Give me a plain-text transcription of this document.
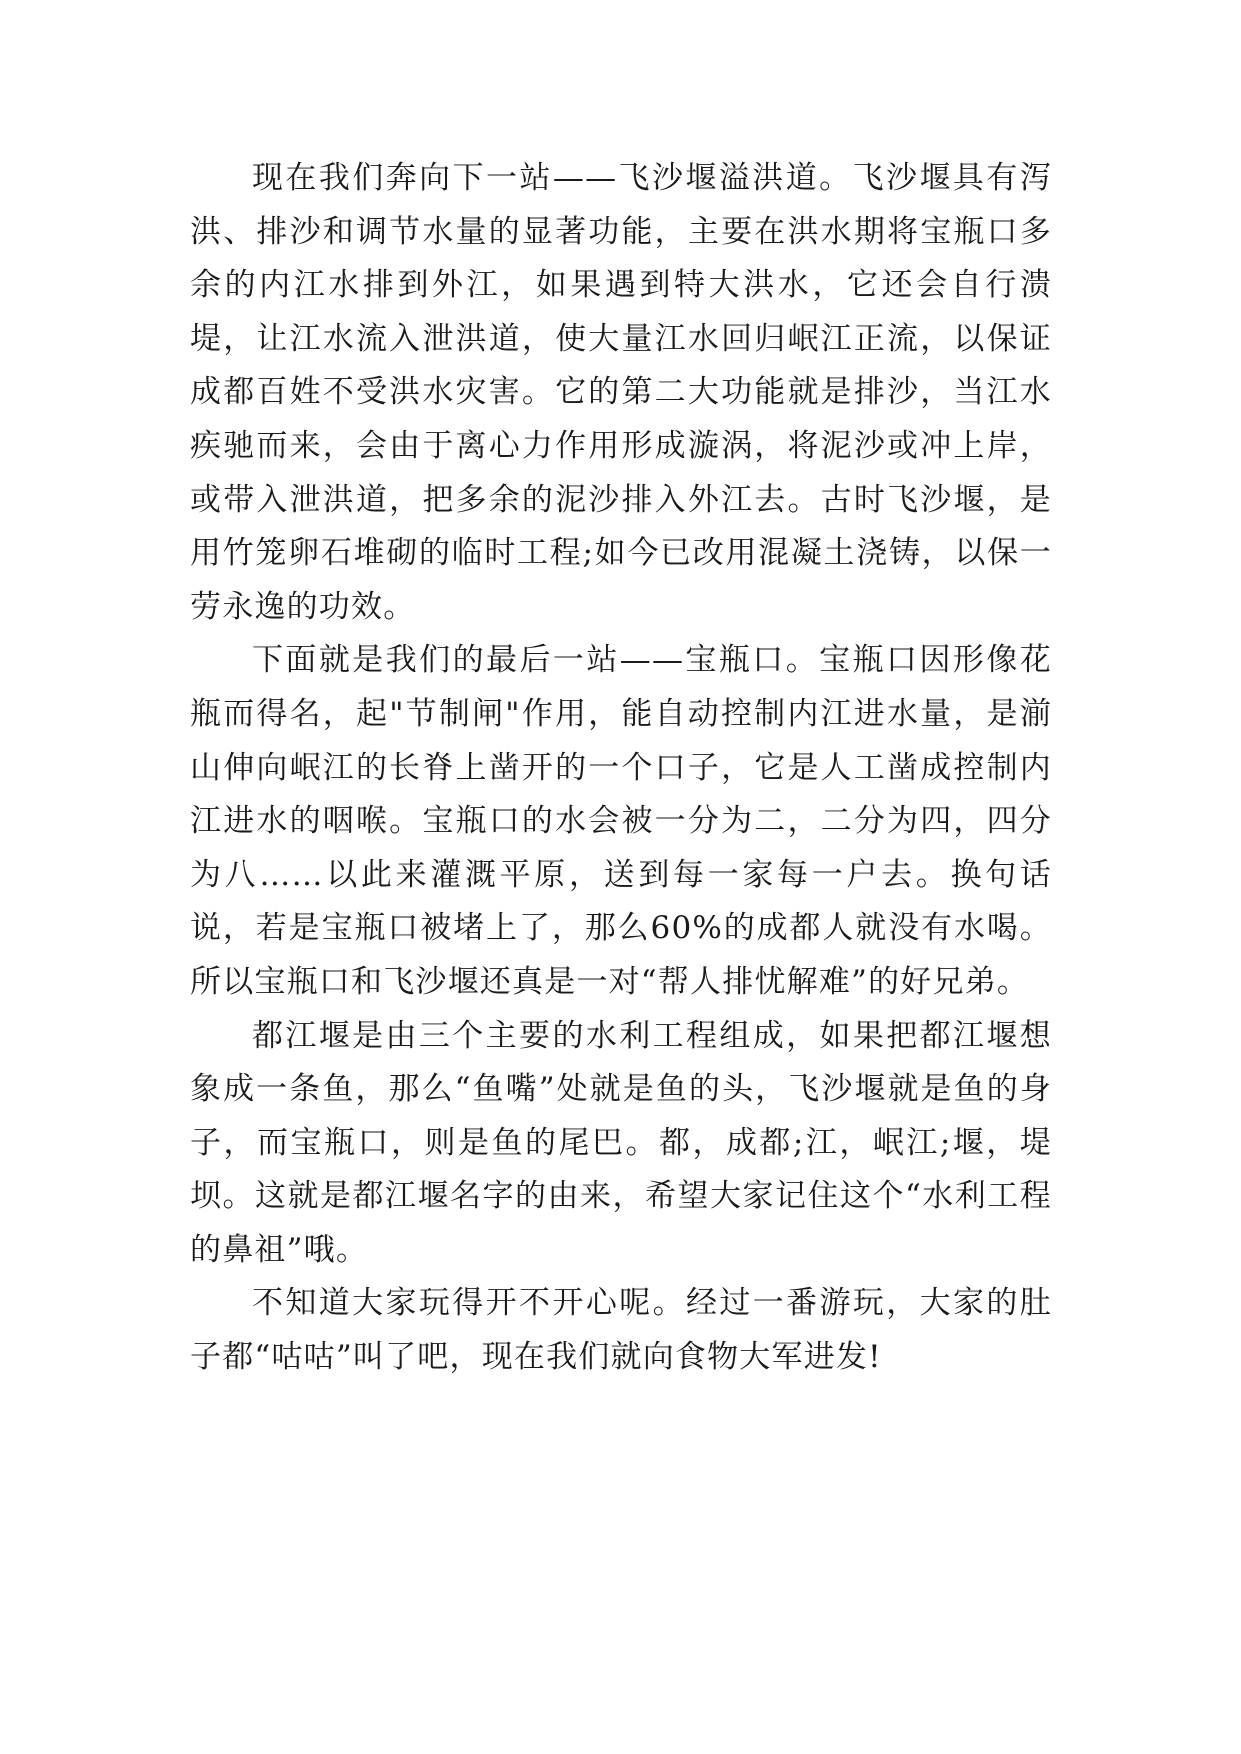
现在我们奔向下一站——飞沙堰溢洪道。飞沙堰具有泻洪、排沙和调节水量的显著功能，主要在洪水期将宝瓶口多余的内江水排到外江，如果遇到特大洪水，它还会自行溃堤，让江水流入泄洪道，使大量江水回归岷江正流，以保证成都百姓不受洪水灾害。它的第二大功能就是排沙，当江水疾驰而来，会由于离心力作用形成漩涡，将泥沙或冲上岸，或带入泄洪道，把多余的泥沙排入外江去。古时飞沙堰，是用竹笼卵石堆砌的临时工程;如今已改用混凝土浇铸，以保一劳永逸的功效。

下面就是我们的最后一站——宝瓶口。宝瓶口因形像花瓶而得名，起"节制闸"作用，能自动控制内江进水量，是湔山伸向岷江的长脊上凿开的一个口子，它是人工凿成控制内江进水的咽喉。宝瓶口的水会被一分为二，二分为四，四分为八……以此来灌溉平原，送到每一家每一户去。换句话说，若是宝瓶口被堵上了，那么60%的成都人就没有水喝。所以宝瓶口和飞沙堰还真是一对“帮人排忧解难”的好兄弟。

都江堰是由三个主要的水利工程组成，如果把都江堰想象成一条鱼，那么“鱼嘴”处就是鱼的头，飞沙堰就是鱼的身子，而宝瓶口，则是鱼的尾巴。都，成都;江，岷江;堰，堤坝。这就是都江堰名字的由来，希望大家记住这个“水利工程的鼻祖”哦。

不知道大家玩得开不开心呢。经过一番游玩，大家的肚子都“咕咕”叫了吧，现在我们就向食物大军进发!
